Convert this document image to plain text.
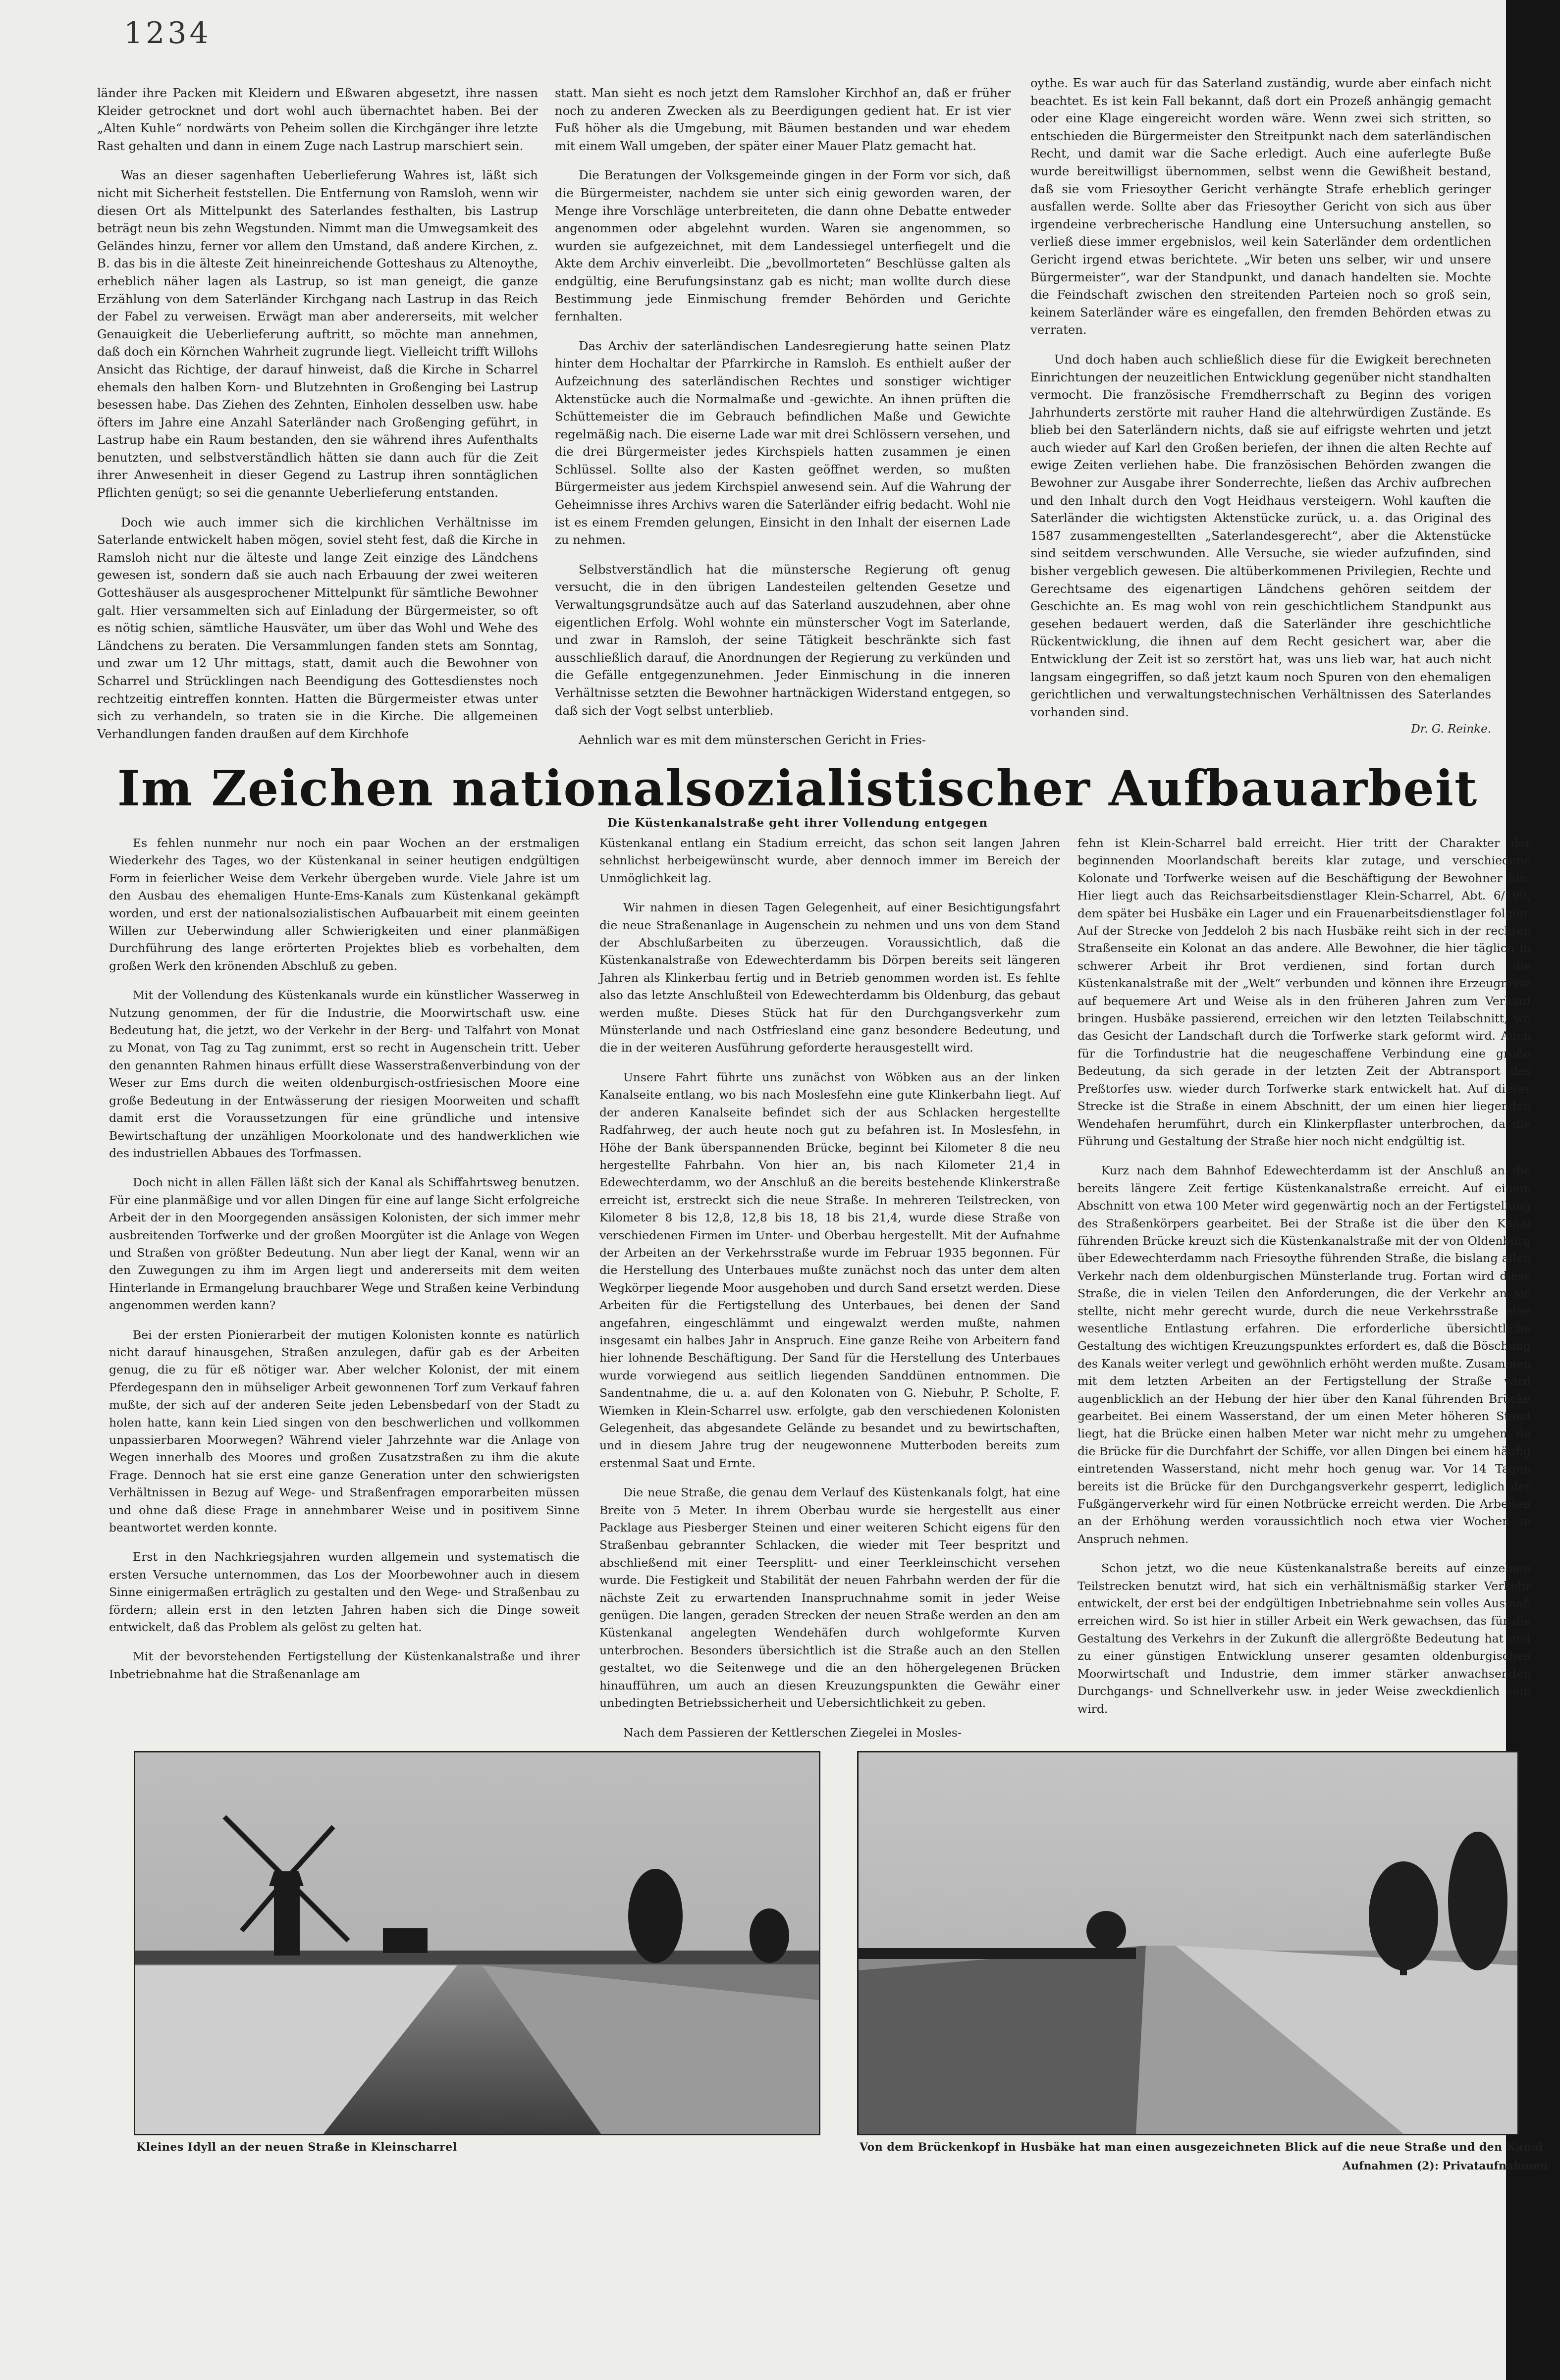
1234

länder ihre Packen mit Kleidern und Eßwaren abgesetzt, ihre nassen Kleider getrocknet und dort wohl auch übernachtet haben. Bei der „Alten Kuhle“ nordwärts von Peheim sollen die Kirchgänger ihre letzte Rast gehalten und dann in einem Zuge nach Lastrup marschiert sein.

Was an dieser sagenhaften Ueberlieferung Wahres ist, läßt sich nicht mit Sicherheit feststellen. Die Entfernung von Ramsloh, wenn wir diesen Ort als Mittelpunkt des Saterlandes festhalten, bis Lastrup beträgt neun bis zehn Wegstunden. Nimmt man die Umwegsamkeit des Geländes hinzu, ferner vor allem den Umstand, daß andere Kirchen, z. B. das bis in die älteste Zeit hineinreichende Gotteshaus zu Altenoythe, erheblich näher lagen als Lastrup, so ist man geneigt, die ganze Erzählung von dem Saterländer Kirchgang nach Lastrup in das Reich der Fabel zu verweisen. Erwägt man aber andererseits, mit welcher Genauigkeit die Ueberlieferung auftritt, so möchte man annehmen, daß doch ein Körnchen Wahrheit zugrunde liegt. Vielleicht trifft Willohs Ansicht das Richtige, der darauf hinweist, daß die Kirche in Scharrel ehemals den halben Korn- und Blutzehnten in Großenging bei Lastrup besessen habe. Das Ziehen des Zehnten, Einholen desselben usw. habe öfters im Jahre eine Anzahl Saterländer nach Großenging geführt, in Lastrup habe ein Raum bestanden, den sie während ihres Aufenthalts benutzten, und selbstverständlich hätten sie dann auch für die Zeit ihrer Anwesenheit in dieser Gegend zu Lastrup ihren sonntäglichen Pflichten genügt; so sei die genannte Ueberlieferung entstanden.

Doch wie auch immer sich die kirchlichen Verhältnisse im Saterlande entwickelt haben mögen, soviel steht fest, daß die Kirche in Ramsloh nicht nur die älteste und lange Zeit einzige des Ländchens gewesen ist, sondern daß sie auch nach Erbauung der zwei weiteren Gotteshäuser als ausgesprochener Mittelpunkt für sämtliche Bewohner galt. Hier versammelten sich auf Einladung der Bürgermeister, so oft es nötig schien, sämtliche Hausväter, um über das Wohl und Wehe des Ländchens zu beraten. Die Versammlungen fanden stets am Sonntag, und zwar um 12 Uhr mittags, statt, damit auch die Bewohner von Scharrel und Strücklingen nach Beendigung des Gottesdienstes noch rechtzeitig eintreffen konnten. Hatten die Bürgermeister etwas unter sich zu verhandeln, so traten sie in die Kirche. Die allgemeinen Verhandlungen fanden draußen auf dem Kirchhofe

statt. Man sieht es noch jetzt dem Ramsloher Kirchhof an, daß er früher noch zu anderen Zwecken als zu Beerdigungen gedient hat. Er ist vier Fuß höher als die Umgebung, mit Bäumen bestanden und war ehedem mit einem Wall umgeben, der später einer Mauer Platz gemacht hat.

Die Beratungen der Volksgemeinde gingen in der Form vor sich, daß die Bürgermeister, nachdem sie unter sich einig geworden waren, der Menge ihre Vorschläge unterbreiteten, die dann ohne Debatte entweder angenommen oder abgelehnt wurden. Waren sie angenommen, so wurden sie aufgezeichnet, mit dem Landessiegel unterfiegelt und die Akte dem Archiv einverleibt. Die „bevollmorteten“ Beschlüsse galten als endgültig, eine Berufungsinstanz gab es nicht; man wollte durch diese Bestimmung jede Einmischung fremder Behörden und Gerichte fernhalten.

Das Archiv der saterländischen Landesregierung hatte seinen Platz hinter dem Hochaltar der Pfarrkirche in Ramsloh. Es enthielt außer der Aufzeichnung des saterländischen Rechtes und sonstiger wichtiger Aktenstücke auch die Normalmaße und -gewichte. An ihnen prüften die Schüttemeister die im Gebrauch befindlichen Maße und Gewichte regelmäßig nach. Die eiserne Lade war mit drei Schlössern versehen, und die drei Bürgermeister jedes Kirchspiels hatten zusammen je einen Schlüssel. Sollte also der Kasten geöffnet werden, so mußten Bürgermeister aus jedem Kirchspiel anwesend sein. Auf die Wahrung der Geheimnisse ihres Archivs waren die Saterländer eifrig bedacht. Wohl nie ist es einem Fremden gelungen, Einsicht in den Inhalt der eisernen Lade zu nehmen.

Selbstverständlich hat die münstersche Regierung oft genug versucht, die in den übrigen Landesteilen geltenden Gesetze und Verwaltungsgrundsätze auch auf das Saterland auszudehnen, aber ohne eigentlichen Erfolg. Wohl wohnte ein münsterscher Vogt im Saterlande, und zwar in Ramsloh, der seine Tätigkeit beschränkte sich fast ausschließlich darauf, die Anordnungen der Regierung zu verkünden und die Gefälle entgegenzunehmen. Jeder Einmischung in die inneren Verhältnisse setzten die Bewohner hartnäckigen Widerstand entgegen, so daß sich der Vogt selbst unterblieb.

Aehnlich war es mit dem münsterschen Gericht in Fries-

oythe. Es war auch für das Saterland zuständig, wurde aber einfach nicht beachtet. Es ist kein Fall bekannt, daß dort ein Prozeß anhängig gemacht oder eine Klage eingereicht worden wäre. Wenn zwei sich stritten, so entschieden die Bürgermeister den Streitpunkt nach dem saterländischen Recht, und damit war die Sache erledigt. Auch eine auferlegte Buße wurde bereitwilligst übernommen, selbst wenn die Gewißheit bestand, daß sie vom Friesoyther Gericht verhängte Strafe erheblich geringer ausfallen werde. Sollte aber das Friesoyther Gericht von sich aus über irgendeine verbrecherische Handlung eine Untersuchung anstellen, so verließ diese immer ergebnislos, weil kein Saterländer dem ordentlichen Gericht irgend etwas berichtete. „Wir beten uns selber, wir und unsere Bürgermeister“, war der Standpunkt, und danach handelten sie. Mochte die Feindschaft zwischen den streitenden Parteien noch so groß sein, keinem Saterländer wäre es eingefallen, den fremden Behörden etwas zu verraten.

Und doch haben auch schließlich diese für die Ewigkeit berechneten Einrichtungen der neuzeitlichen Entwicklung gegenüber nicht standhalten vermocht. Die französische Fremdherrschaft zu Beginn des vorigen Jahrhunderts zerstörte mit rauher Hand die altehrwürdigen Zustände. Es blieb bei den Saterländern nichts, daß sie auf eifrigste wehrten und jetzt auch wieder auf Karl den Großen beriefen, der ihnen die alten Rechte auf ewige Zeiten verliehen habe. Die französischen Behörden zwangen die Bewohner zur Ausgabe ihrer Sonderrechte, ließen das Archiv aufbrechen und den Inhalt durch den Vogt Heidhaus versteigern. Wohl kauften die Saterländer die wichtigsten Aktenstücke zurück, u. a. das Original des 1587 zusammengestellten „Saterlandesgerecht“, aber die Aktenstücke sind seitdem verschwunden. Alle Versuche, sie wieder aufzufinden, sind bisher vergeblich gewesen. Die altüberkommenen Privilegien, Rechte und Gerechtsame des eigenartigen Ländchens gehören seitdem der Geschichte an. Es mag wohl von rein geschichtlichem Standpunkt aus gesehen bedauert werden, daß die Saterländer ihre geschichtliche Rückentwicklung, die ihnen auf dem Recht gesichert war, aber die Entwicklung der Zeit ist so zerstört hat, was uns lieb war, hat auch nicht langsam eingegriffen, so daß jetzt kaum noch Spuren von den ehemaligen gerichtlichen und verwaltungstechnischen Verhältnissen des Saterlandes vorhanden sind.

Dr. G. Reinke.
Im Zeichen nationalsozialistischer Aufbauarbeit
Die Küstenkanalstraße geht ihrer Vollendung entgegen

Es fehlen nunmehr nur noch ein paar Wochen an der erstmaligen Wiederkehr des Tages, wo der Küstenkanal in seiner heutigen endgültigen Form in feierlicher Weise dem Verkehr übergeben wurde. Viele Jahre ist um den Ausbau des ehemaligen Hunte-Ems-Kanals zum Küstenkanal gekämpft worden, und erst der nationalsozialistischen Aufbauarbeit mit einem geeinten Willen zur Ueberwindung aller Schwierigkeiten und einer planmäßigen Durchführung des lange erörterten Projektes blieb es vorbehalten, dem großen Werk den krönenden Abschluß zu geben.

Mit der Vollendung des Küstenkanals wurde ein künstlicher Wasserweg in Nutzung genommen, der für die Industrie, die Moorwirtschaft usw. eine Bedeutung hat, die jetzt, wo der Verkehr in der Berg- und Talfahrt von Monat zu Monat, von Tag zu Tag zunimmt, erst so recht in Augenschein tritt. Ueber den genannten Rahmen hinaus erfüllt diese Wasserstraßenverbindung von der Weser zur Ems durch die weiten oldenburgisch-ostfriesischen Moore eine große Bedeutung in der Entwässerung der riesigen Moorweiten und schafft damit erst die Voraussetzungen für eine gründliche und intensive Bewirtschaftung der unzähligen Moorkolonate und des handwerklichen wie des industriellen Abbaues des Torfmassen.

Doch nicht in allen Fällen läßt sich der Kanal als Schiffahrtsweg benutzen. Für eine planmäßige und vor allen Dingen für eine auf lange Sicht erfolgreiche Arbeit der in den Moorgegenden ansässigen Kolonisten, der sich immer mehr ausbreitenden Torfwerke und der großen Moorgüter ist die Anlage von Wegen und Straßen von größter Bedeutung. Nun aber liegt der Kanal, wenn wir an den Zuwegungen zu ihm im Argen liegt und andererseits mit dem weiten Hinterlande in Ermangelung brauchbarer Wege und Straßen keine Verbindung angenommen werden kann?

Bei der ersten Pionierarbeit der mutigen Kolonisten konnte es natürlich nicht darauf hinausgehen, Straßen anzulegen, dafür gab es der Arbeiten genug, die zu für eß nötiger war. Aber welcher Kolonist, der mit einem Pferdegespann den in mühseliger Arbeit gewonnenen Torf zum Verkauf fahren mußte, der sich auf der anderen Seite jeden Lebensbedarf von der Stadt zu holen hatte, kann kein Lied singen von den beschwerlichen und vollkommen unpassierbaren Moorwegen? Während vieler Jahrzehnte war die Anlage von Wegen innerhalb des Moores und großen Zusatzstraßen zu ihm die akute Frage. Dennoch hat sie erst eine ganze Generation unter den schwierigsten Verhältnissen in Bezug auf Wege- und Straßenfragen emporarbeiten müssen und ohne daß diese Frage in annehmbarer Weise und in positivem Sinne beantwortet werden konnte.

Erst in den Nachkriegsjahren wurden allgemein und systematisch die ersten Versuche unternommen, das Los der Moorbewohner auch in diesem Sinne einigermaßen erträglich zu gestalten und den Wege- und Straßenbau zu fördern; allein erst in den letzten Jahren haben sich die Dinge soweit entwickelt, daß das Problem als gelöst zu gelten hat.

Mit der bevorstehenden Fertigstellung der Küstenkanalstraße und ihrer Inbetriebnahme hat die Straßenanlage am

Küstenkanal entlang ein Stadium erreicht, das schon seit langen Jahren sehnlichst herbeigewünscht wurde, aber dennoch immer im Bereich der Unmöglichkeit lag.

Wir nahmen in diesen Tagen Gelegenheit, auf einer Besichtigungsfahrt die neue Straßenanlage in Augenschein zu nehmen und uns von dem Stand der Abschlußarbeiten zu überzeugen. Voraussichtlich, daß die Küstenkanalstraße von Edewechterdamm bis Dörpen bereits seit längeren Jahren als Klinkerbau fertig und in Betrieb genommen worden ist. Es fehlte also das letzte Anschlußteil von Edewechterdamm bis Oldenburg, das gebaut werden mußte. Dieses Stück hat für den Durchgangsverkehr zum Münsterlande und nach Ostfriesland eine ganz besondere Bedeutung, und die in der weiteren Ausführung geforderte herausgestellt wird.

Unsere Fahrt führte uns zunächst von Wöbken aus an der linken Kanalseite entlang, wo bis nach Moslesfehn eine gute Klinkerbahn liegt. Auf der anderen Kanalseite befindet sich der aus Schlacken hergestellte Radfahrweg, der auch heute noch gut zu befahren ist. In Moslesfehn, in Höhe der Bank überspannenden Brücke, beginnt bei Kilometer 8 die neu hergestellte Fahrbahn. Von hier an, bis nach Kilometer 21,4 in Edewechterdamm, wo der Anschluß an die bereits bestehende Klinkerstraße erreicht ist, erstreckt sich die neue Straße. In mehreren Teilstrecken, von Kilometer 8 bis 12,8, 12,8 bis 18, 18 bis 21,4, wurde diese Straße von verschiedenen Firmen im Unter- und Oberbau hergestellt. Mit der Aufnahme der Arbeiten an der Verkehrsstraße wurde im Februar 1935 begonnen. Für die Herstellung des Unterbaues mußte zunächst noch das unter dem alten Wegkörper liegende Moor ausgehoben und durch Sand ersetzt werden. Diese Arbeiten für die Fertigstellung des Unterbaues, bei denen der Sand angefahren, eingeschlämmt und eingewalzt werden mußte, nahmen insgesamt ein halbes Jahr in Anspruch. Eine ganze Reihe von Arbeitern fand hier lohnende Beschäftigung. Der Sand für die Herstellung des Unterbaues wurde vorwiegend aus seitlich liegenden Sanddünen entnommen. Die Sandentnahme, die u. a. auf den Kolonaten von G. Niebuhr, P. Scholte, F. Wiemken in Klein-Scharrel usw. erfolgte, gab den verschiedenen Kolonisten Gelegenheit, das abgesandete Gelände zu besandet und zu bewirtschaften, und in diesem Jahre trug der neugewonnene Mutterboden bereits zum erstenmal Saat und Ernte.

Die neue Straße, die genau dem Verlauf des Küstenkanals folgt, hat eine Breite von 5 Meter. In ihrem Oberbau wurde sie hergestellt aus einer Packlage aus Piesberger Steinen und einer weiteren Schicht eigens für den Straßenbau gebrannter Schlacken, die wieder mit Teer bespritzt und abschließend mit einer Teersplitt- und einer Teerkleinschicht versehen wurde. Die Festigkeit und Stabilität der neuen Fahrbahn werden der für die nächste Zeit zu erwartenden Inanspruchnahme somit in jeder Weise genügen. Die langen, geraden Strecken der neuen Straße werden an den am Küstenkanal angelegten Wendehäfen durch wohlgeformte Kurven unterbrochen. Besonders übersichtlich ist die Straße auch an den Stellen gestaltet, wo die Seitenwege und die an den höhergelegenen Brücken hinaufführen, um auch an diesen Kreuzungspunkten die Gewähr einer unbedingten Betriebssicherheit und Uebersichtlichkeit zu geben.

Nach dem Passieren der Kettlerschen Ziegelei in Mosles-

fehn ist Klein-Scharrel bald erreicht. Hier tritt der Charakter der beginnenden Moorlandschaft bereits klar zutage, und verschiedene Kolonate und Torfwerke weisen auf die Beschäftigung der Bewohner hin. Hier liegt auch das Reichsarbeitsdienstlager Klein-Scharrel, Abt. 6/190, dem später bei Husbäke ein Lager und ein Frauenarbeitsdienstlager folgen. Auf der Strecke von Jeddeloh 2 bis nach Husbäke reiht sich in der rechten Straßenseite ein Kolonat an das andere. Alle Bewohner, die hier täglich in schwerer Arbeit ihr Brot verdienen, sind fortan durch die Küstenkanalstraße mit der „Welt“ verbunden und können ihre Erzeugnisse auf bequemere Art und Weise als in den früheren Jahren zum Verkauf bringen. Husbäke passierend, erreichen wir den letzten Teilabschnitt, wo das Gesicht der Landschaft durch die Torfwerke stark geformt wird. Auch für die Torfindustrie hat die neugeschaffene Verbindung eine große Bedeutung, da sich gerade in der letzten Zeit der Abtransport des Preßtorfes usw. wieder durch Torfwerke stark entwickelt hat. Auf dieser Strecke ist die Straße in einem Abschnitt, der um einen hier liegenden Wendehafen herumführt, durch ein Klinkerpflaster unterbrochen, da die Führung und Gestaltung der Straße hier noch nicht endgültig ist.

Kurz nach dem Bahnhof Edewechterdamm ist der Anschluß an die bereits längere Zeit fertige Küstenkanalstraße erreicht. Auf einem Abschnitt von etwa 100 Meter wird gegenwärtig noch an der Fertigstellung des Straßenkörpers gearbeitet. Bei der Straße ist die über den Kanal führenden Brücke kreuzt sich die Küstenkanalstraße mit der von Oldenburg über Edewechterdamm nach Friesoythe führenden Straße, die bislang allen Verkehr nach dem oldenburgischen Münsterlande trug. Fortan wird diese Straße, die in vielen Teilen den Anforderungen, die der Verkehr an sie stellte, nicht mehr gerecht wurde, durch die neue Verkehrsstraße eine wesentliche Entlastung erfahren. Die erforderliche übersichtliche Gestaltung des wichtigen Kreuzungspunktes erfordert es, daß die Böschung des Kanals weiter verlegt und gewöhnlich erhöht werden mußte. Zusammen mit dem letzten Arbeiten an der Fertigstellung der Straße wird augenblicklich an der Hebung der hier über den Kanal führenden Brücke gearbeitet. Bei einem Wasserstand, der um einen Meter höheren Stand liegt, hat die Brücke einen halben Meter war nicht mehr zu umgehen, da die Brücke für die Durchfahrt der Schiffe, vor allen Dingen bei einem häufig eintretenden Wasserstand, nicht mehr hoch genug war. Vor 14 Tagen bereits ist die Brücke für den Durchgangsverkehr gesperrt, lediglich der Fußgängerverkehr wird für einen Notbrücke erreicht werden. Die Arbeiten an der Erhöhung werden voraussichtlich noch etwa vier Wochen in Anspruch nehmen.

Schon jetzt, wo die neue Küstenkanalstraße bereits auf einzelnen Teilstrecken benutzt wird, hat sich ein verhältnismäßig starker Verkehr entwickelt, der erst bei der endgültigen Inbetriebnahme sein volles Ausmaß erreichen wird. So ist hier in stiller Arbeit ein Werk gewachsen, das für die Gestaltung des Verkehrs in der Zukunft die allergrößte Bedeutung hat und zu einer günstigen Entwicklung unserer gesamten oldenburgischen Moorwirtschaft und Industrie, dem immer stärker anwachsenden Durchgangs- und Schnellverkehr usw. in jeder Weise zweckdienlich sein wird.

Kleines Idyll an der neuen Straße in Kleinscharrel	Von dem Brückenkopf in Husbäke hat man einen ausgezeichneten Blick auf die neue Straße und den Kanal
Aufnahmen (2): Privataufnahmen
